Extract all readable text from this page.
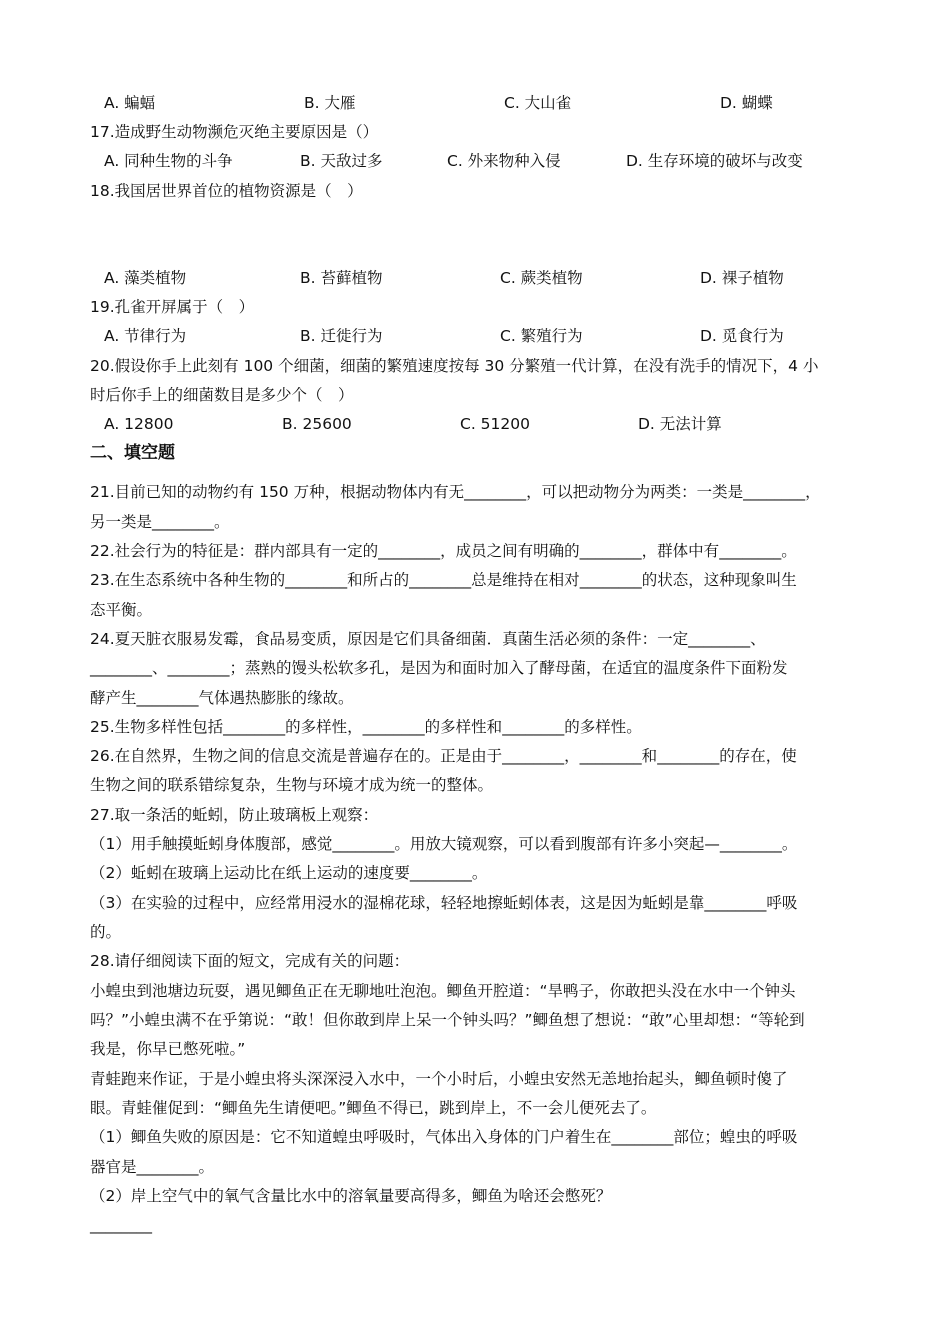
A. 蝙蝠	B. 大雁	C. 大山雀	D. 蝴蝶
17.造成野生动物濒危灭绝主要原因是（）
A. 同种生物的斗争	B. 天敌过多	C. 外来物种入侵	D. 生存环境的破坏与改变
18.我国居世界首位的植物资源是（　）
A. 藻类植物	B. 苔藓植物	C. 蕨类植物	D. 裸子植物
19.孔雀开屏属于（　）
A. 节律行为	B. 迁徙行为	C. 繁殖行为	D. 觅食行为
20.假设你手上此刻有 100 个细菌，细菌的繁殖速度按每 30 分繁殖一代计算，在没有洗手的情况下，4 小
时后你手上的细菌数目是多少个（　）
A. 12800	B. 25600	C. 51200	D. 无法计算
二、填空题
21.目前已知的动物约有 150 万种，根据动物体内有无________，可以把动物分为两类：一类是________，
另一类是________。
22.社会行为的特征是：群内部具有一定的________，成员之间有明确的________，群体中有________。
23.在生态系统中各种生物的________和所占的________总是维持在相对________的状态，这种现象叫生
态平衡。
24.夏天脏衣服易发霉，食品易变质，原因是它们具备细菌．真菌生活必须的条件：一定________、
________、________；蒸熟的馒头松软多孔，是因为和面时加入了酵母菌，在适宜的温度条件下面粉发
酵产生________气体遇热膨胀的缘故。
25.生物多样性包括________的多样性，________的多样性和________的多样性。
26.在自然界，生物之间的信息交流是普遍存在的。正是由于________，________和________的存在，使
生物之间的联系错综复杂，生物与环境才成为统一的整体。
27.取一条活的蚯蚓，防止玻璃板上观察：
（1）用手触摸蚯蚓身体腹部，感觉________。用放大镜观察，可以看到腹部有许多小突起—________。
（2）蚯蚓在玻璃上运动比在纸上运动的速度要________。
（3）在实验的过程中，应经常用浸水的湿棉花球，轻轻地擦蚯蚓体表，这是因为蚯蚓是靠________呼吸
的。
28.请仔细阅读下面的短文，完成有关的问题：
小蝗虫到池塘边玩耍，遇见鲫鱼正在无聊地吐泡泡。鲫鱼开腔道：“旱鸭子，你敢把头没在水中一个钟头
吗？”小蝗虫满不在乎第说：“敢！但你敢到岸上呆一个钟头吗？”鲫鱼想了想说：“敢”心里却想：“等轮到
我是，你早已憋死啦。”
青蛙跑来作证，于是小蝗虫将头深深浸入水中，一个小时后，小蝗虫安然无恙地抬起头，鲫鱼顿时傻了
眼。青蛙催促到：“鲫鱼先生请便吧。”鲫鱼不得已，跳到岸上，不一会儿便死去了。
（1）鲫鱼失败的原因是：它不知道蝗虫呼吸时，气体出入身体的门户着生在________部位；蝗虫的呼吸
器官是________。
（2）岸上空气中的氧气含量比水中的溶氧量要高得多，鲫鱼为啥还会憋死？
________
